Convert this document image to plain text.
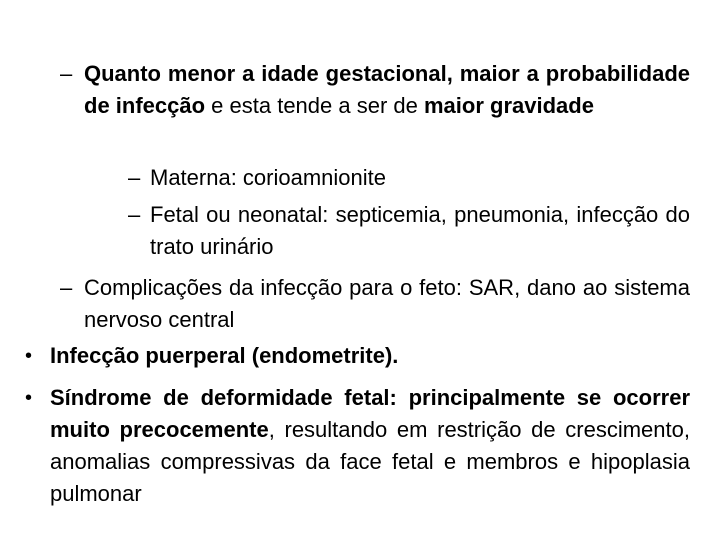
– Quanto menor a idade gestacional, maior a probabilidade de infecção e esta tende a ser de maior gravidade
– Materna: corioamnionite
– Fetal ou neonatal: septicemia, pneumonia, infecção do trato urinário
– Complicações da infecção para o feto: SAR, dano ao sistema nervoso central
• Infecção puerperal (endometrite).
• Síndrome de deformidade fetal: principalmente se ocorrer muito precocemente, resultando em restrição de crescimento, anomalias compressivas da face fetal e membros e hipoplasia pulmonar
